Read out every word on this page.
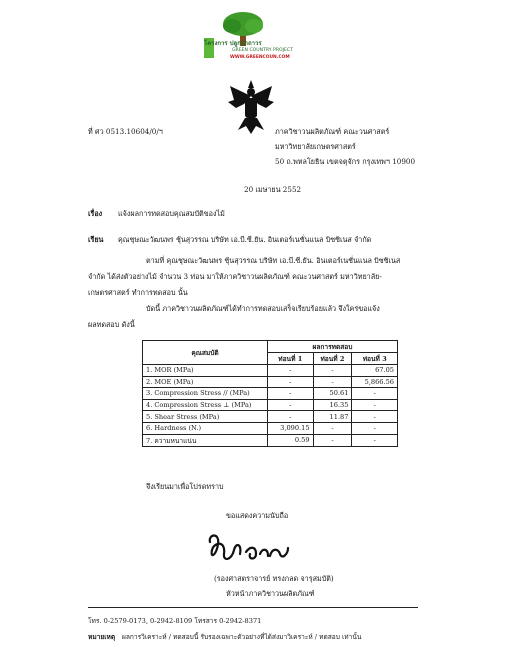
โครงการ ปลูกป่าถาวร
GREEN COUNTRY PROJECT
WWW.GREENCOUN.COM
ที่ ศว 0513.10604/0/ฯ	ภาควิชาวนผลิตภัณฑ์ คณะวนศาสตร์
มหาวิทยาลัยเกษตรศาสตร์
50 ถ.พหลโยธิน เขตจตุจักร กรุงเทพฯ 10900
20 เมษายน 2552
เรื่อง แจ้งผลการทดสอบคุณสมบัติของไม้
เรียน คุณชุษณะวัฒนพร ชุ้นสุวรรณ บริษัท เอ.บี.ซี.ยัน. อินเตอร์เนชั่นแนล บิซซิเนส จำกัด
ตามที่ คุณชุษณะวัฒนพร ชุ้นสุวรรณ บริษัท เอ.บี.ซี.ยัน. อินเตอร์เนชั่นแนล บิซซิเนส
จำกัด ได้ส่งตัวอย่างไม้ จำนวน 3 ท่อน มาให้ภาควิชาวนผลิตภัณฑ์ คณะวนศาสตร์ มหาวิทยาลัย-
เกษตรศาสตร์ ทำการทดสอบ นั้น
บัดนี้ ภาควิชาวนผลิตภัณฑ์ได้ทำการทดสอบเสร็จเรียบร้อยแล้ว จึงใคร่ขอแจ้ง
ผลทดสอบ ดังนี้
คุณสมบัติ	ผลการทดสอบ		
	ท่อนที่ 1	ท่อนที่ 2	ท่อนที่ 3
1. MOR (MPa)	-	-	67.05
2. MOE (MPa)	-	-	5,866.56
3. Compression Stress // (MPa)	-	50.61	-
4. Compression Stress ⊥ (MPa)	-	16.35	-
5. Shear Stress (MPa)	-	11.87	-
6. Hardness (N.)	3,090.15	-	-
7. ความหนาแน่น	0.59	-	-
จึงเรียนมาเพื่อโปรดทราบ
ขอแสดงความนับถือ
(รองศาสตราจารย์ ทรงกลด จารุสมบัติ)
หัวหน้าภาควิชาวนผลิตภัณฑ์
โทร. 0-2579-0173, 0-2942-8109 โทรสาร 0-2942-8371
หมายเหตุ ผลการวิเคราะห์ / ทดสอบนี้ รับรองเฉพาะตัวอย่างที่ได้ส่งมาวิเคราะห์ / ทดสอบ เท่านั้น
